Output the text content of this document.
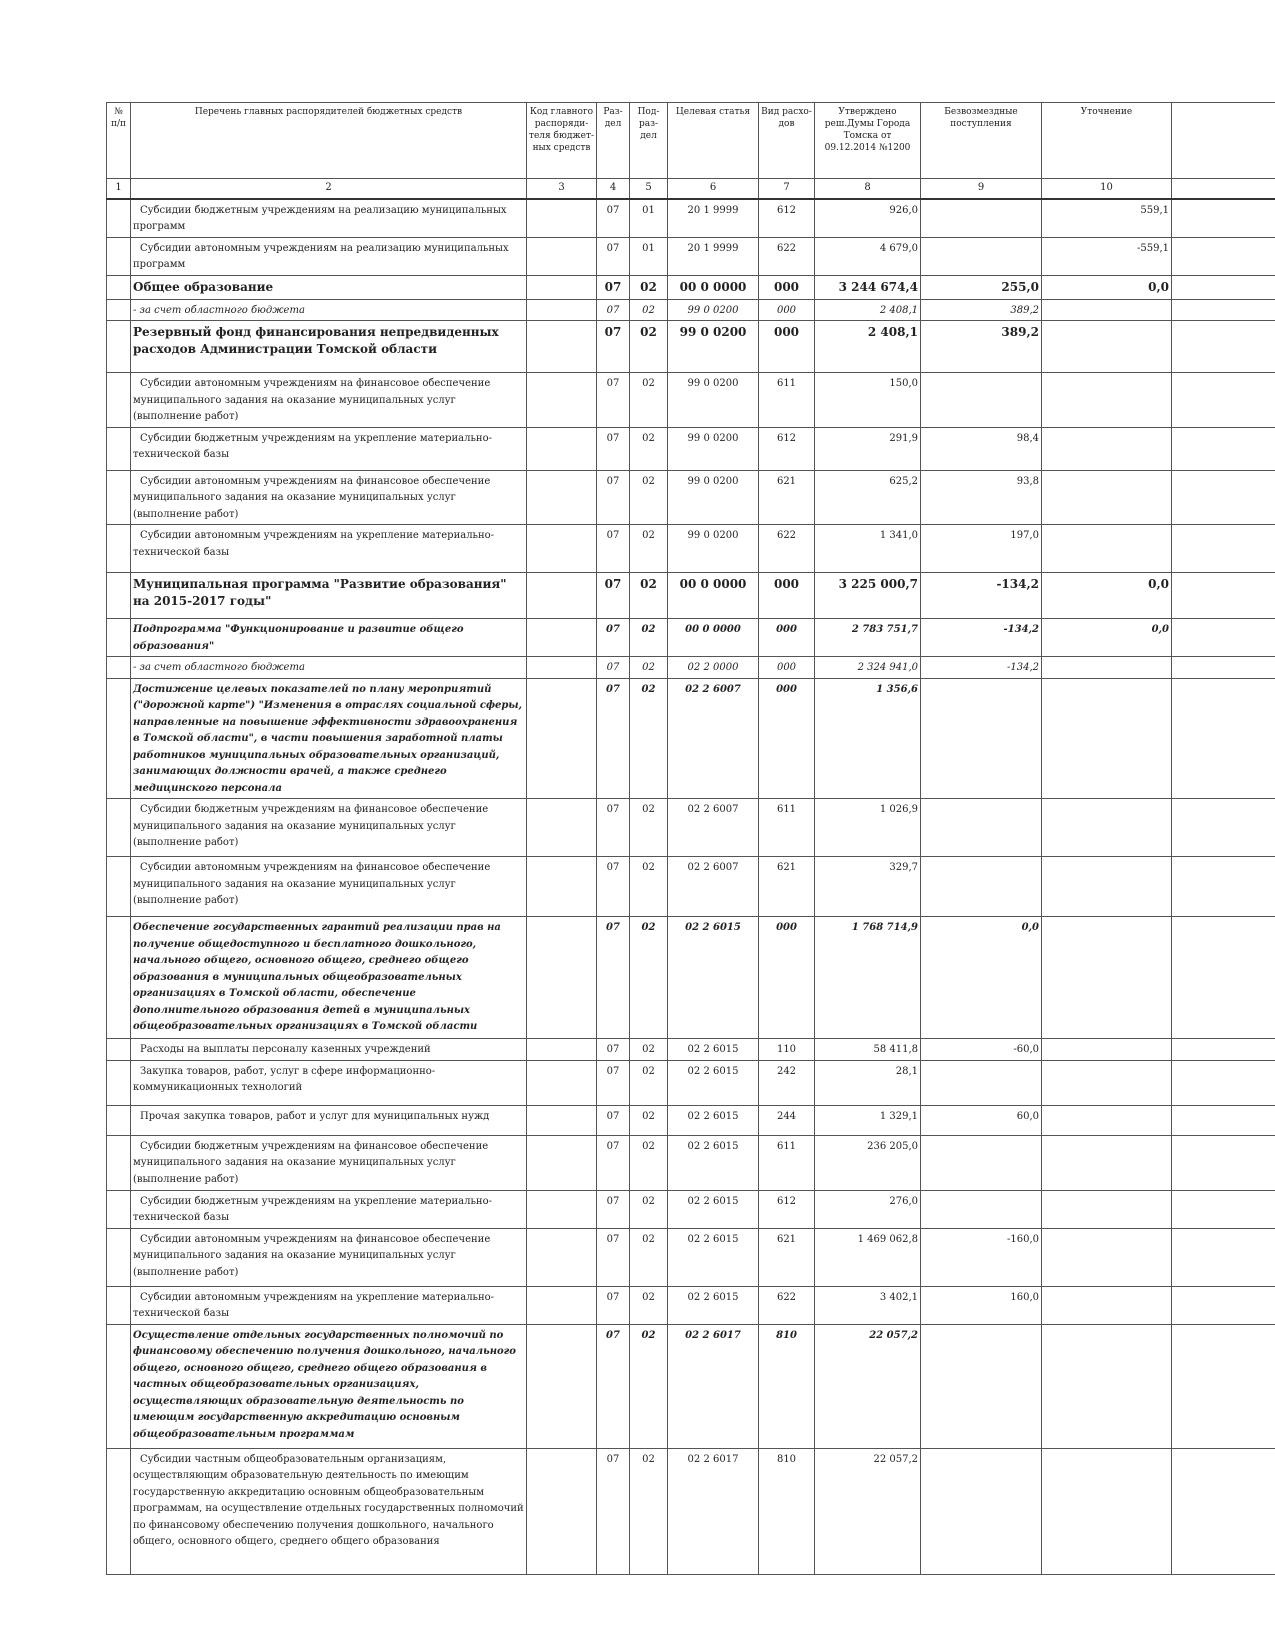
№ п/п	Перечень главных распорядителей бюджетных средств	Код главного распоряди-теля бюджет-ных средств	Раз-дел	Под-раз-дел	Целевая статья	Вид расхо-дов	Утверждено реш.Думы Города Томска от 09.12.2014 №1200	Безвозмездные поступления	Уточнение	
1	2	3	4	5	6	7	8	9	10	
	Субсидии бюджетным учреждениям на реализацию муниципальных программ		07	01	20 1 9999	612	926,0		559,1	
	Субсидии автономным учреждениям на реализацию муниципальных программ		07	01	20 1 9999	622	4 679,0		-559,1	
	Общее образование		07	02	00 0 0000	000	3 244 674,4	255,0	0,0	
	- за счет областного бюджета		07	02	99 0 0200	000	2 408,1	389,2		
	Резервный фонд финансирования непредвиденных расходов Администрации Томской области		07	02	99 0 0200	000	2 408,1	389,2		
	Субсидии автономным учреждениям на финансовое обеспечение муниципального задания на оказание муниципальных услуг (выполнение работ)		07	02	99 0 0200	611	150,0			
	Субсидии бюджетным учреждениям на укрепление материально-технической базы		07	02	99 0 0200	612	291,9	98,4		
	Субсидии автономным учреждениям на финансовое обеспечение муниципального задания на оказание муниципальных услуг (выполнение работ)		07	02	99 0 0200	621	625,2	93,8		
	Субсидии автономным учреждениям на укрепление материально-технической базы		07	02	99 0 0200	622	1 341,0	197,0		
	Муниципальная программа "Развитие образования" на 2015-2017 годы"		07	02	00 0 0000	000	3 225 000,7	-134,2	0,0	
	Подпрограмма "Функционирование и развитие общего образования"		07	02	00 0 0000	000	2 783 751,7	-134,2	0,0	
	- за счет областного бюджета		07	02	02 2 0000	000	2 324 941,0	-134,2		
	Достижение целевых показателей по плану мероприятий ("дорожной карте") "Изменения в отраслях социальной сферы, направленные на повышение эффективности здравоохранения в Томской области", в части повышения заработной платы работников муниципальных образовательных организаций, занимающих должности врачей, а также среднего медицинского персонала		07	02	02 2 6007	000	1 356,6			
	Субсидии бюджетным учреждениям на финансовое обеспечение муниципального задания на оказание муниципальных услуг (выполнение работ)		07	02	02 2 6007	611	1 026,9			
	Субсидии автономным учреждениям на финансовое обеспечение муниципального задания на оказание муниципальных услуг (выполнение работ)		07	02	02 2 6007	621	329,7			
	Обеспечение государственных гарантий реализации прав на получение общедоступного и бесплатного дошкольного, начального общего, основного общего, среднего общего образования в муниципальных общеобразовательных организациях в Томской области, обеспечение дополнительного образования детей в муниципальных общеобразовательных организациях в Томской области		07	02	02 2 6015	000	1 768 714,9	0,0		
	Расходы на выплаты персоналу казенных учреждений		07	02	02 2 6015	110	58 411,8	-60,0		
	Закупка товаров, работ, услуг в сфере информационно-коммуникационных технологий		07	02	02 2 6015	242	28,1			
	Прочая закупка товаров, работ и услуг для муниципальных нужд		07	02	02 2 6015	244	1 329,1	60,0		
	Субсидии бюджетным учреждениям на финансовое обеспечение муниципального задания на оказание муниципальных услуг (выполнение работ)		07	02	02 2 6015	611	236 205,0			
	Субсидии бюджетным учреждениям на укрепление материально-технической базы		07	02	02 2 6015	612	276,0			
	Субсидии автономным учреждениям на финансовое обеспечение муниципального задания на оказание муниципальных услуг (выполнение работ)		07	02	02 2 6015	621	1 469 062,8	-160,0		
	Субсидии автономным учреждениям на укрепление материально-технической базы		07	02	02 2 6015	622	3 402,1	160,0		
	Осуществление отдельных государственных полномочий по финансовому обеспечению получения дошкольного, начального общего, основного общего, среднего общего образования в частных общеобразовательных организациях, осуществляющих образовательную деятельность по имеющим государственную аккредитацию основным общеобразовательным программам		07	02	02 2 6017	810	22 057,2			
	Субсидии частным общеобразовательным организациям, осуществляющим образовательную деятельность по имеющим государственную аккредитацию основным общеобразовательным программам, на осуществление отдельных государственных полномочий по финансовому обеспечению получения дошкольного, начального общего, основного общего, среднего общего образования		07	02	02 2 6017	810	22 057,2			
